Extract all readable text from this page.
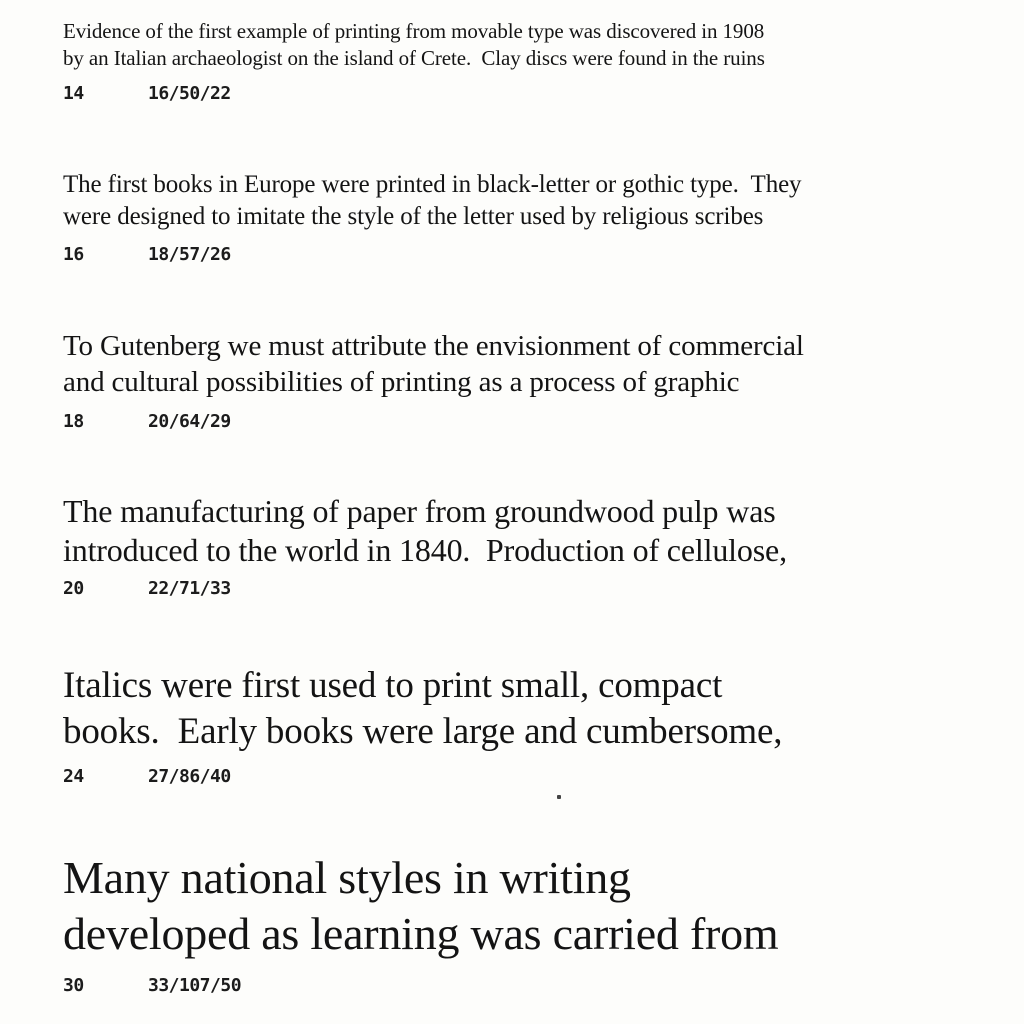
Evidence of the first example of printing from movable type was discovered in 1908
by an Italian archaeologist on the island of Crete.  Clay discs were found in the ruins
14	16/50/22
The first books in Europe were printed in black-letter or gothic type.  They
were designed to imitate the style of the letter used by religious scribes
16	18/57/26
To Gutenberg we must attribute the envisionment of commercial
and cultural possibilities of printing as a process of graphic
18	20/64/29
The manufacturing of paper from groundwood pulp was
introduced to the world in 1840.  Production of cellulose,
20	22/71/33
Italics were first used to print small, compact
books.  Early books were large and cumbersome,
24	27/86/40
Many national styles in writing
developed as learning was carried from
30	33/107/50
